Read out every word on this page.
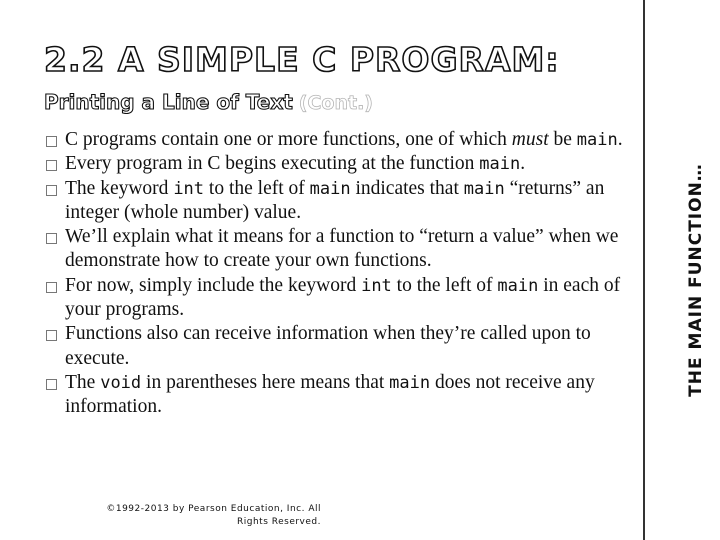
2.2 A SIMPLE C PROGRAM:
Printing a Line of Text (Cont.)
C programs contain one or more functions, one of which must be main.
Every program in C begins executing at the function main.
The keyword int to the left of main indicates that main “returns” an integer (whole number) value.
We’ll explain what it means for a function to “return a value” when we demonstrate how to create your own functions.
For now, simply include the keyword int to the left of main in each of your programs.
Functions also can receive information when they’re called upon to execute.
The void in parentheses here means that main does not receive any information.
©1992-2013 by Pearson Education, Inc. All Rights Reserved.
THE MAIN FUNCTION…
